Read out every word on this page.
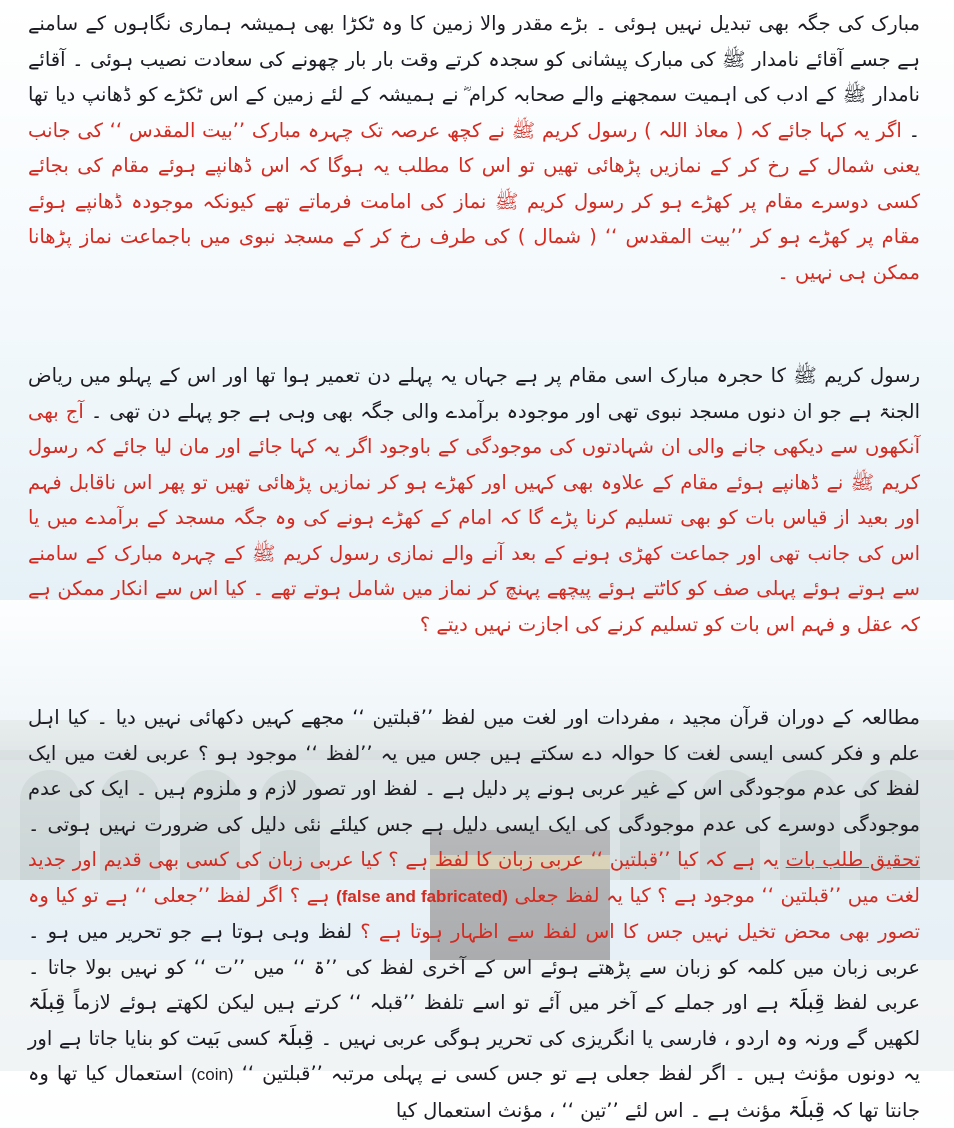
مبارک کی جگہ بھی تبدیل نہیں ہوئی ۔ بڑے مقدر والا زمین کا وہ ٹکڑا بھی ہمیشہ ہماری نگاہوں کے سامنے ہے جسے آقائے نامدار ﷺ کی مبارک پیشانی کو سجدہ کرتے وقت بار بار چھونے کی سعادت نصیب ہوئی ۔ آقائے نامدار ﷺ کے ادب کی اہمیت سمجھنے والے صحابہ کرام ؓ نے ہمیشہ کے لئے زمین کے اس ٹکڑے کو ڈھانپ دیا تھا ۔ اگر یہ کہا جائے کہ ( معاذ اللہ ) رسول کریم ﷺ نے کچھ عرصہ تک چہرہ مبارک ’’بیت المقدس ‘‘ کی جانب یعنی شمال کے رخ کر کے نمازیں پڑھائی تھیں تو اس کا مطلب یہ ہوگا کہ اس ڈھانپے ہوئے مقام کی بجائے کسی دوسرے مقام پر کھڑے ہو کر رسول کریم ﷺ نماز کی امامت فرماتے تھے کیونکہ موجودہ ڈھانپے ہوئے مقام پر کھڑے ہو کر ’’بیت المقدس ‘‘ ( شمال ) کی طرف رخ کر کے مسجد نبوی میں باجماعت نماز پڑھانا ممکن ہی نہیں ۔

رسول کریم ﷺ کا حجرہ مبارک اسی مقام پر ہے جہاں یہ پہلے دن تعمیر ہوا تھا اور اس کے پہلو میں ریاض الجنۃ ہے جو ان دنوں مسجد نبوی تھی اور موجودہ برآمدے والی جگہ بھی وہی ہے جو پہلے دن تھی ۔ آج بھی آنکھوں سے دیکھی جانے والی ان شہادتوں کی موجودگی کے باوجود اگر یہ کہا جائے اور مان لیا جائے کہ رسول کریم ﷺ نے ڈھانپے ہوئے مقام کے علاوہ بھی کہیں اور کھڑے ہو کر نمازیں پڑھائی تھیں تو پھر اس ناقابل فہم اور بعید از قیاس بات کو بھی تسلیم کرنا پڑے گا کہ امام کے کھڑے ہونے کی وہ جگہ مسجد کے برآمدے میں یا اس کی جانب تھی اور جماعت کھڑی ہونے کے بعد آنے والے نمازی رسول کریم ﷺ کے چہرہ مبارک کے سامنے سے ہوتے ہوئے پہلی صف کو کاٹتے ہوئے پیچھے پہنچ کر نماز میں شامل ہوتے تھے ۔ کیا اس سے انکار ممکن ہے کہ عقل و فہم اس بات کو تسلیم کرنے کی اجازت نہیں دیتے ؟

مطالعہ کے دوران قرآن مجید ، مفردات اور لغت میں لفظ ’’قبلتین ‘‘ مجھے کہیں دکھائی نہیں دیا ۔ کیا اہل علم و فکر کسی ایسی لغت کا حوالہ دے سکتے ہیں جس میں یہ ’’لفظ ‘‘ موجود ہو ؟ عربی لغت میں ایک لفظ کی عدم موجودگی اس کے غیر عربی ہونے پر دلیل ہے ۔ لفظ اور تصور لازم و ملزوم ہیں ۔ ایک کی عدم موجودگی دوسرے کی عدم موجودگی کی ایک ایسی دلیل ہے جس کیلئے نئی دلیل کی ضرورت نہیں ہوتی ۔ تحقیق طلب بات یہ ہے کہ کیا ’’قبلتین ‘‘ عربی زبان کا لفظ ہے ؟ کیا عربی زبان کی کسی بھی قدیم اور جدید لغت میں ’’قبلتین ‘‘ موجود ہے ؟ کیا یہ لفظ جعلی (false and fabricated) ہے ؟ اگر لفظ ’’جعلی ‘‘ ہے تو کیا وہ تصور بھی محض تخیل نہیں جس کا اس لفظ سے اظہار ہوتا ہے ؟ لفظ وہی ہوتا ہے جو تحریر میں ہو ۔ عربی زبان میں کلمہ کو زبان سے پڑھتے ہوئے اس کے آخری لفظ کی ’’ۃ ‘‘ میں ’’ت ‘‘ کو نہیں بولا جاتا ۔ عربی لفظ قِبلَۃ ہے اور جملے کے آخر میں آئے تو اسے تلفظ ’’قبلہ ‘‘ کرتے ہیں لیکن لکھتے ہوئے لازماً قِبلَۃ لکھیں گے ورنہ وہ اردو ، فارسی یا انگریزی کی تحریر ہوگی عربی نہیں ۔ قِبلَۃ کسی بَیت کو بنایا جاتا ہے اور یہ دونوں مؤنث ہیں ۔ اگر لفظ جعلی ہے تو جس کسی نے پہلی مرتبہ ’’قبلتین ‘‘ (coin) استعمال کیا تھا وہ جانتا تھا کہ قِبلَۃ مؤنث ہے ۔ اس لئے ’’تین ‘‘ ، مؤنث استعمال کیا
